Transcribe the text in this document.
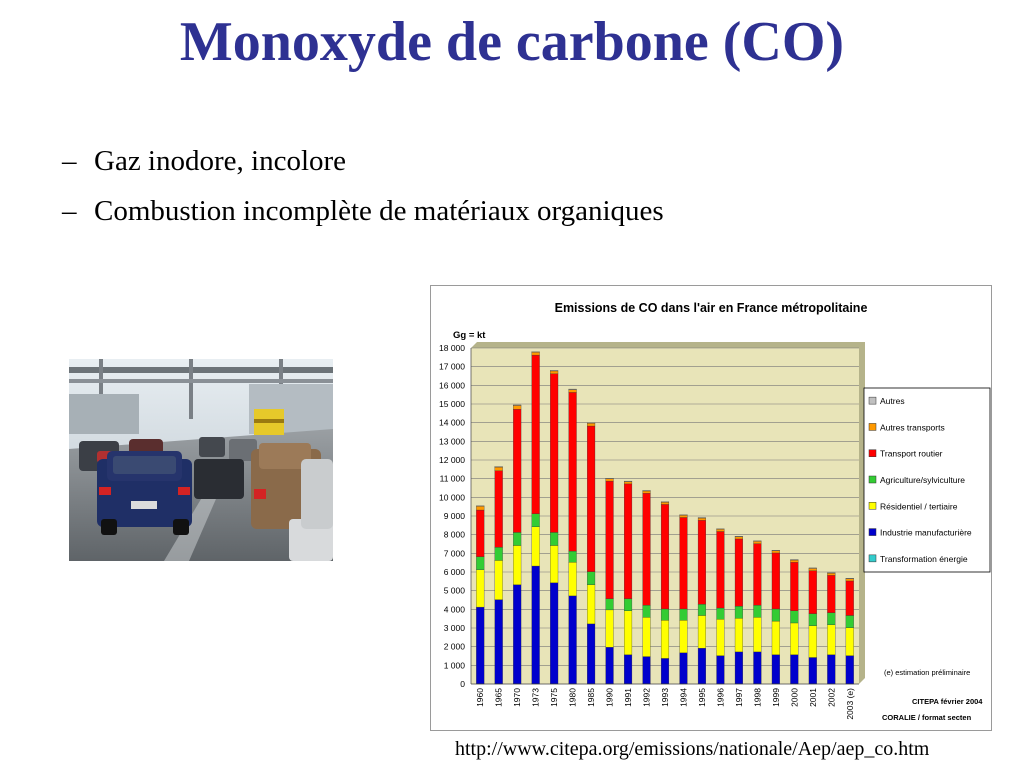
Monoxyde de carbone (CO)
– Gaz inodore, incolore
– Combustion incomplète de matériaux organiques
Emissions de CO dans l'air en France métropolitaine
Gg = kt
0
1 000
2 000
3 000
4 000
5 000
6 000
7 000
8 000
9 000
10 000
11 000
12 000
13 000
14 000
15 000
16 000
17 000
18 000
1960 1965 1970 1973 1975 1980 1985 1990 1991 1992 1993 1994 1995 1996 1997 1998 1999 2000 2001 2002 2003 (e)
Autres
Autres transports
Transport routier
Agriculture/sylviculture
Résidentiel / tertiaire
Industrie manufacturière
Transformation énergie
(e) estimation préliminaire
CITEPA février 2004
CORALIE / format secten
http://www.citepa.org/emissions/nationale/Aep/aep_co.htm
